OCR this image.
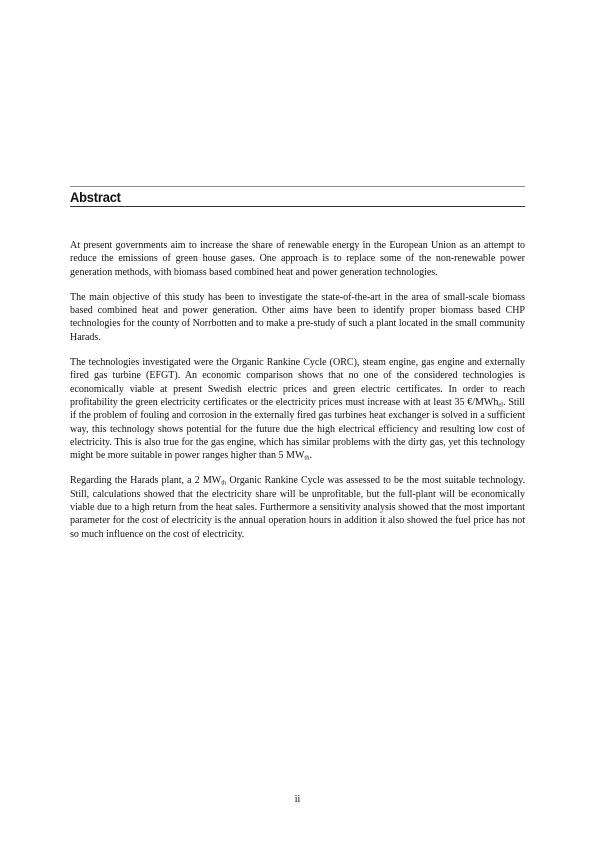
Abstract

At present governments aim to increase the share of renewable energy in the European Union as an attempt to reduce the emissions of green house gases. One approach is to replace some of the non-renewable power generation methods, with biomass based combined heat and power generation technologies.

The main objective of this study has been to investigate the state-of-the-art in the area of small-scale biomass based combined heat and power generation. Other aims have been to identify proper biomass based CHP technologies for the county of Norrbotten and to make a pre-study of such a plant located in the small community Harads.

The technologies investigated were the Organic Rankine Cycle (ORC), steam engine, gas engine and externally fired gas turbine (EFGT). An economic comparison shows that no one of the considered technologies is economically viable at present Swedish electric prices and green electric certificates. In order to reach profitability the green electricity certificates or the electricity prices must increase with at least 35 €/MWh$_{el}$. Still if the problem of fouling and corrosion in the externally fired gas turbines heat exchanger is solved in a sufficient way, this technology shows potential for the future due the high electrical efficiency and resulting low cost of electricity. This is also true for the gas engine, which has similar problems with the dirty gas, yet this technology might be more suitable in power ranges higher than 5 $MW_{th}$.

Regarding the Harads plant, a 2 $MW_{th}$ Organic Rankine Cycle was assessed to be the most suitable technology. Still, calculations showed that the electricity share will be unprofitable, but the full-plant will be economically viable due to a high return from the heat sales. Furthermore a sensitivity analysis showed that the most important parameter for the cost of electricity is the annual operation hours in addition it also showed the fuel price has not so much influence on the cost of electricity.

ii
